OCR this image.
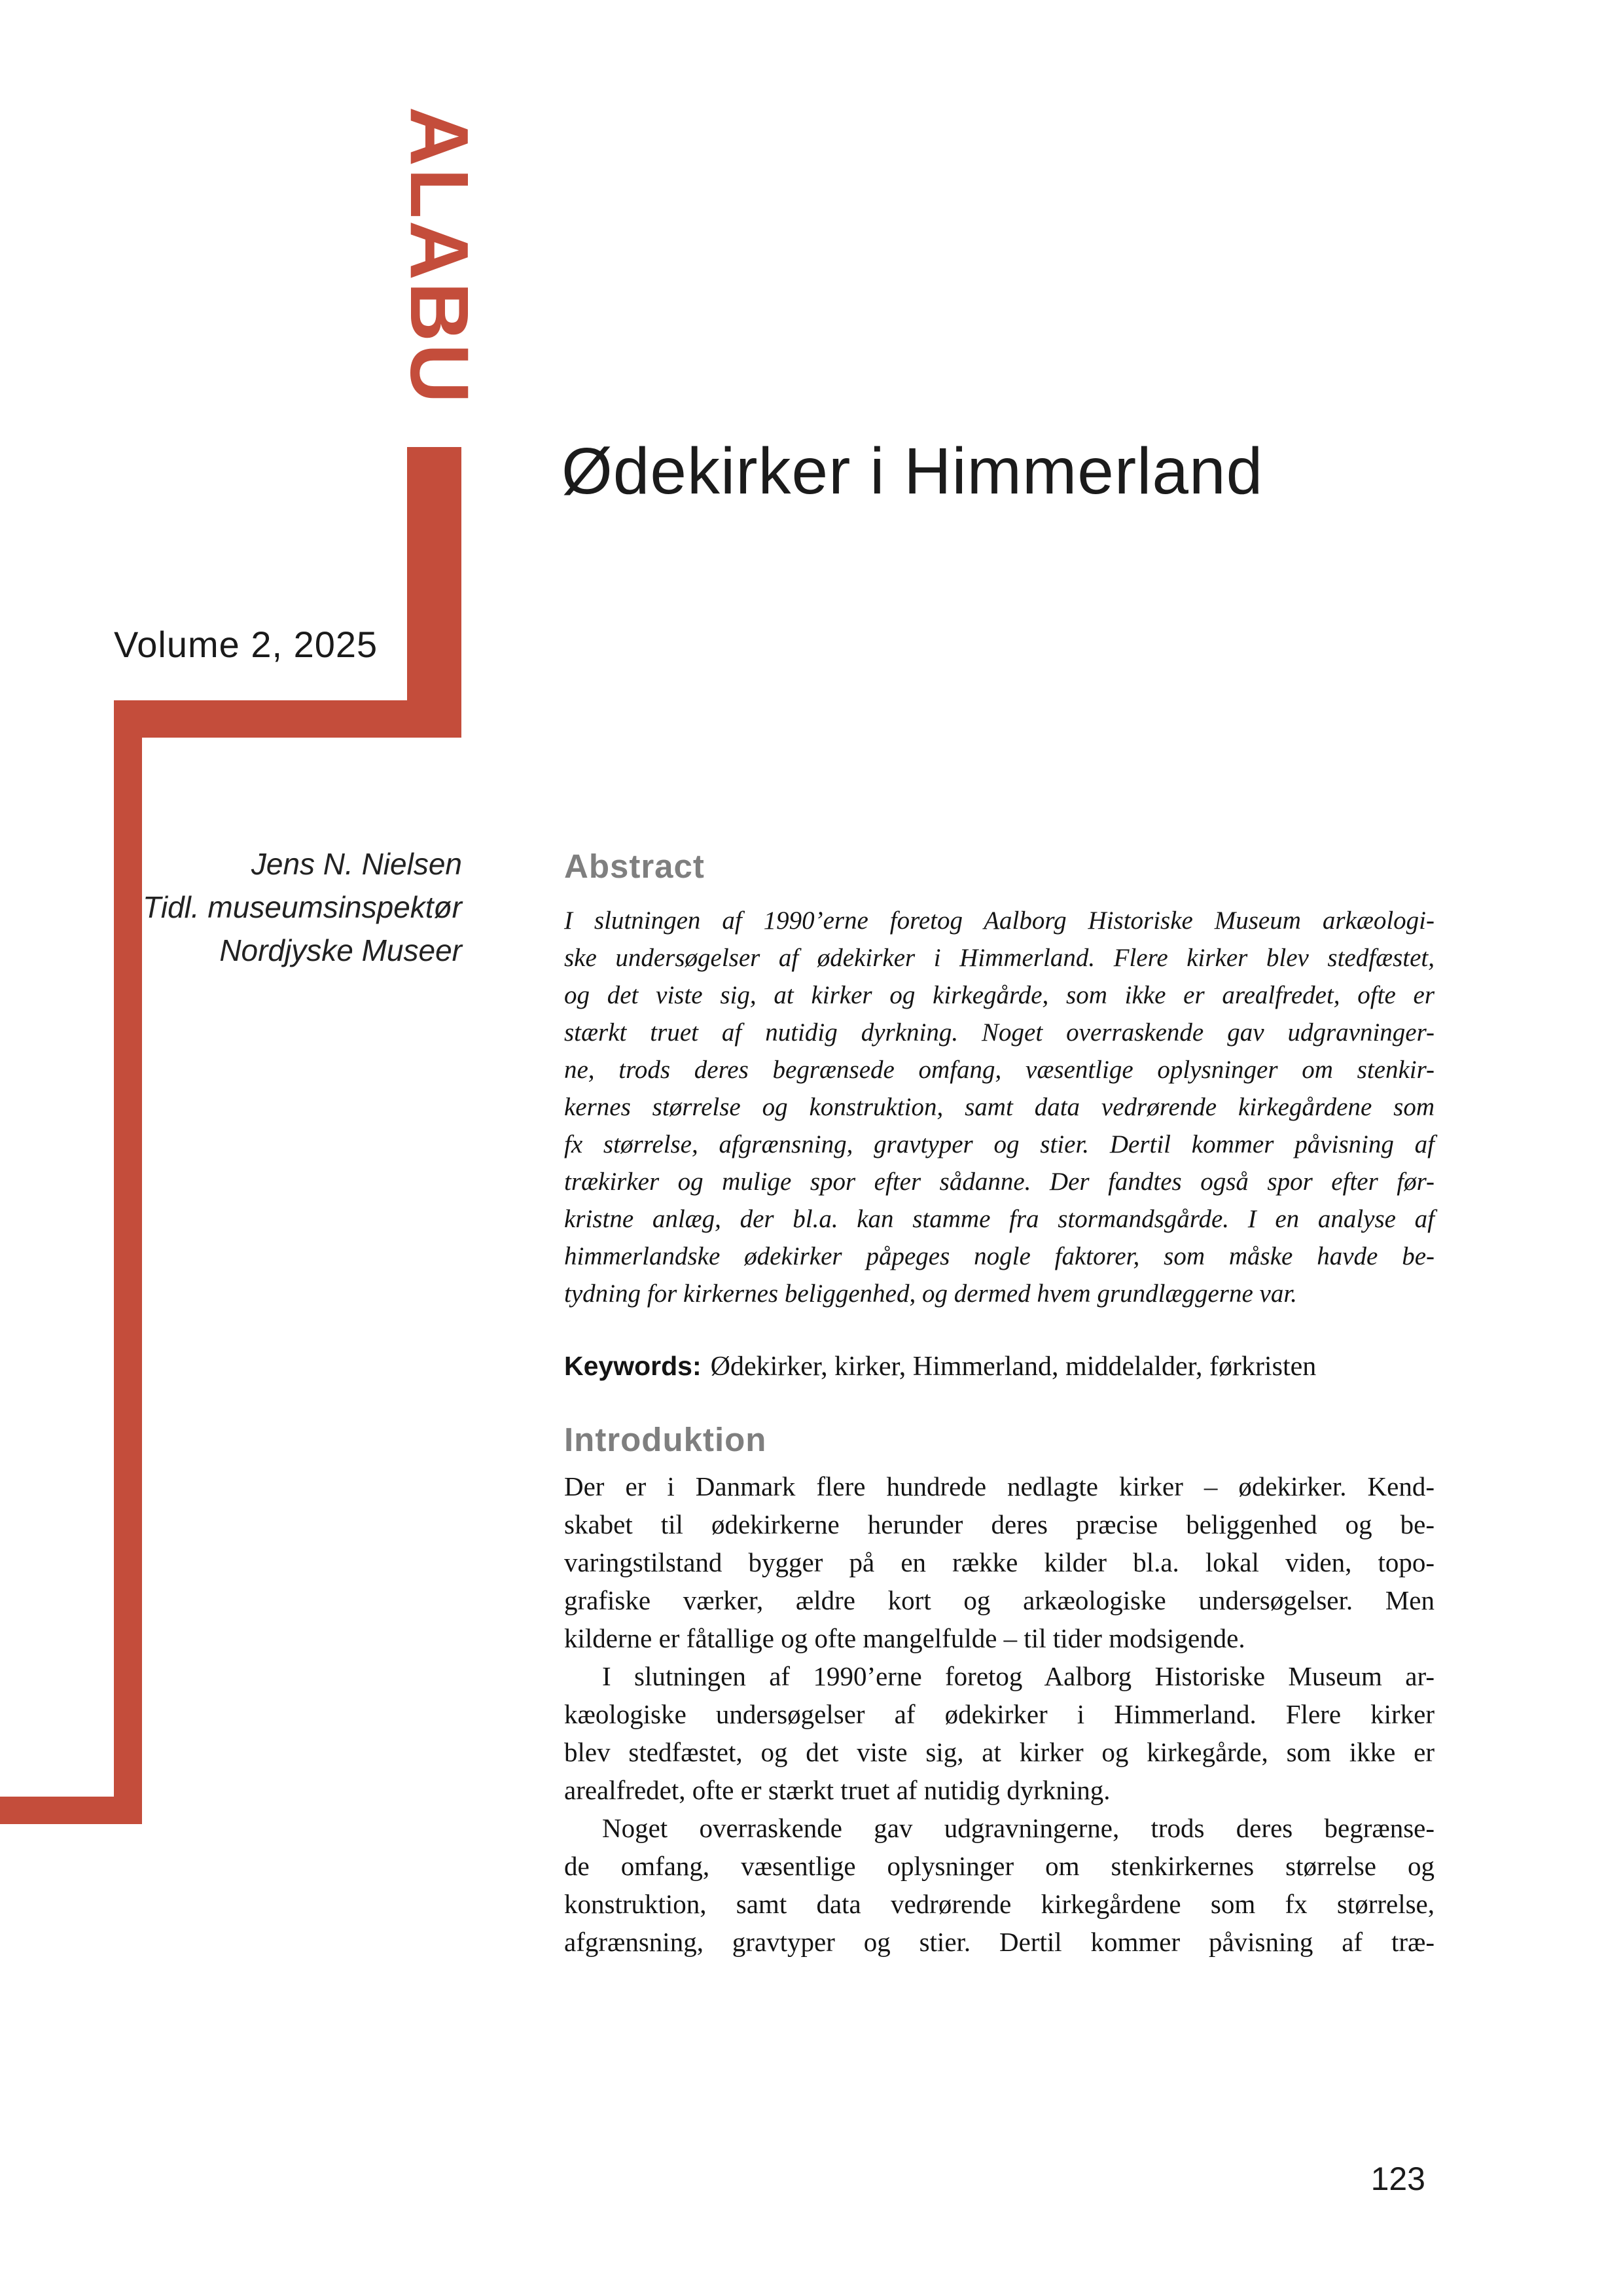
ALABU
Volume 2, 2025
Ødekirker i Himmerland
Jens N. Nielsen
Tidl. museumsinspektør
Nordjyske Museer
Abstract
I slutningen af 1990’erne foretog Aalborg Historiske Museum arkæologi-
ske undersøgelser af ødekirker i Himmerland. Flere kirker blev stedfæstet,
og det viste sig, at kirker og kirkegårde, som ikke er arealfredet, ofte er
stærkt truet af nutidig dyrkning. Noget overraskende gav udgravninger-
ne, trods deres begrænsede omfang, væsentlige oplysninger om stenkir-
kernes størrelse og konstruktion, samt data vedrørende kirkegårdene som
fx størrelse, afgrænsning, gravtyper og stier. Dertil kommer påvisning af
trækirker og mulige spor efter sådanne. Der fandtes også spor efter før-
kristne anlæg, der bl.a. kan stamme fra stormandsgårde. I en analyse af
himmerlandske ødekirker påpeges nogle faktorer, som måske havde be-
tydning for kirkernes beliggenhed, og dermed hvem grundlæggerne var.
Keywords: Ødekirker, kirker, Himmerland, middelalder, førkristen
Introduktion
Der er i Danmark flere hundrede nedlagte kirker – ødekirker. Kend-
skabet til ødekirkerne herunder deres præcise beliggenhed og be-
varingstilstand bygger på en række kilder bl.a. lokal viden, topo-
grafiske værker, ældre kort og arkæologiske undersøgelser. Men
kilderne er fåtallige og ofte mangelfulde – til tider modsigende.
I slutningen af 1990’erne foretog Aalborg Historiske Museum ar-
kæologiske undersøgelser af ødekirker i Himmerland. Flere kirker
blev stedfæstet, og det viste sig, at kirker og kirkegårde, som ikke er
arealfredet, ofte er stærkt truet af nutidig dyrkning.
Noget overraskende gav udgravningerne, trods deres begrænse-
de omfang, væsentlige oplysninger om stenkirkernes størrelse og
konstruktion, samt data vedrørende kirkegårdene som fx størrelse,
afgrænsning, gravtyper og stier. Dertil kommer påvisning af træ-
123
